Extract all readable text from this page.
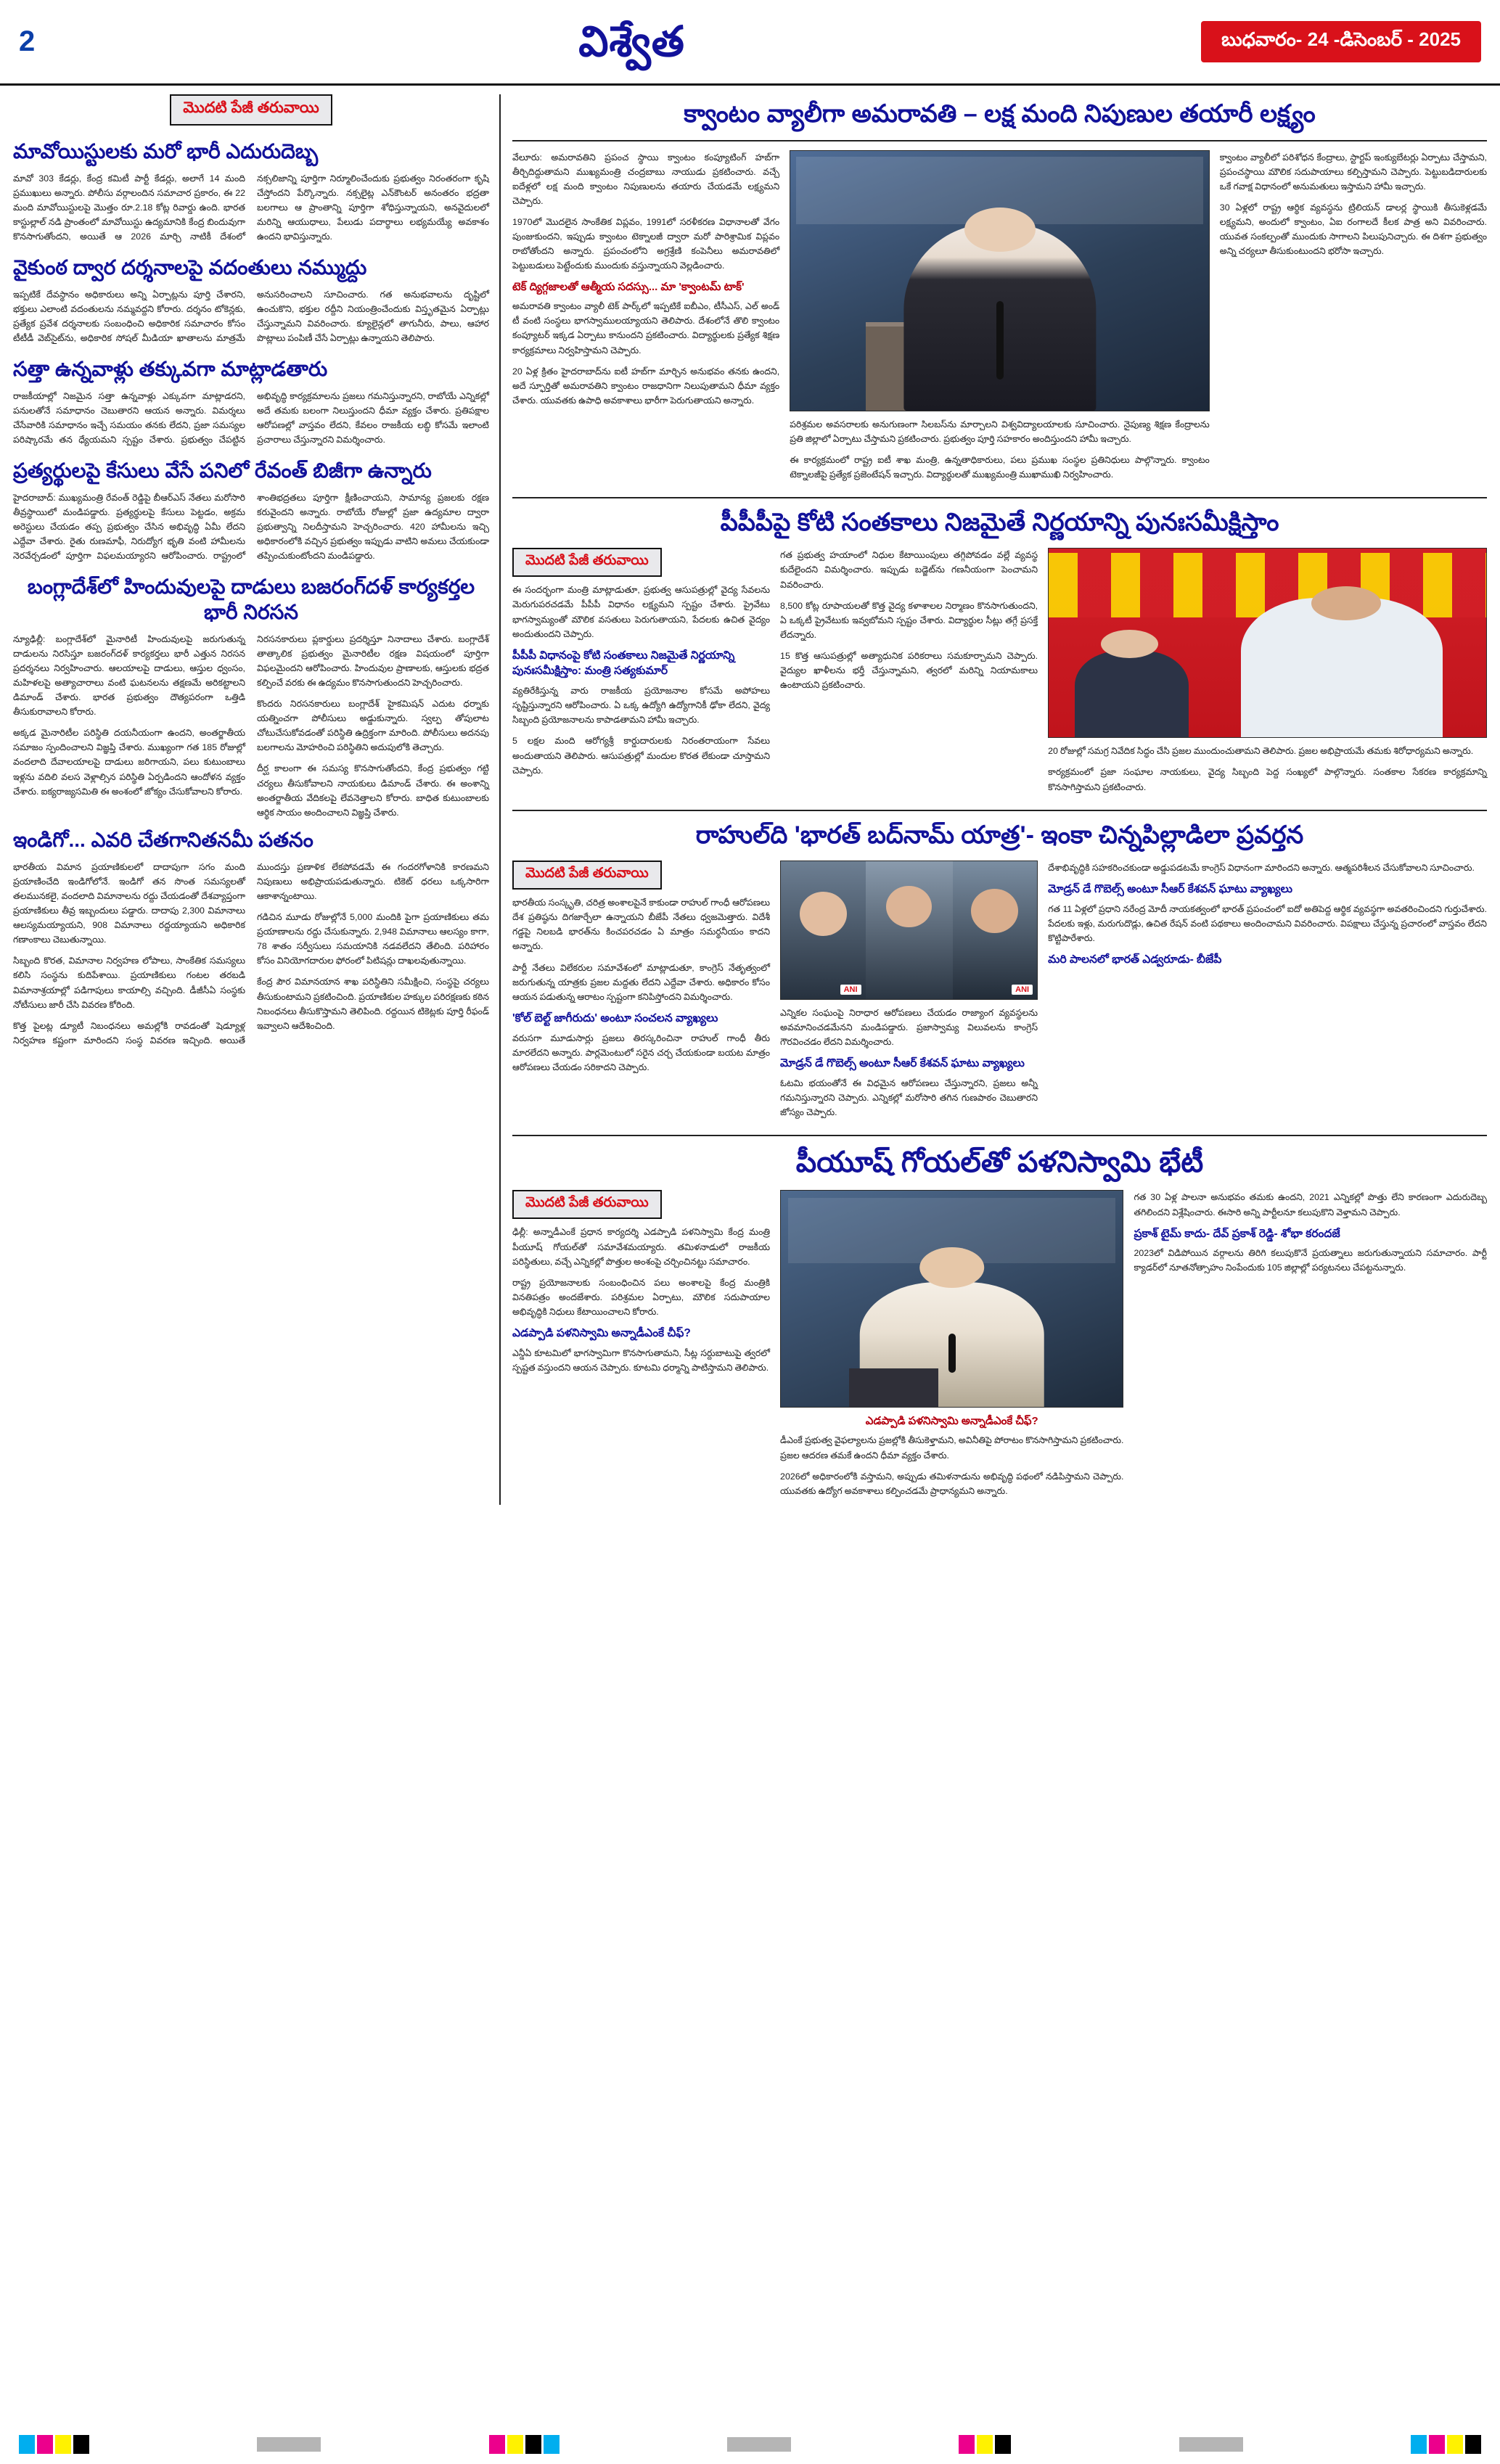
2	విశ్వేత	బుధవారం- 24 -డిసెంబర్ - 2025
మొదటి పేజీ తరువాయి
మావోయిస్టులకు మరో భారీ ఎదురుదెబ్బ

మావో 303 కేడర్లు, కేంద్ర కమిటీ పార్టీ కేడర్లు, అలాగే 14 మంది ప్రముఖులు అన్నారు. పోలీసు వర్గాలందిన సమాచార ప్రకారం, ఈ 22 మంది మావోయిస్టులపై మొత్తం రూ.2.18 కోట్ల రివార్డు ఉంది. భారత కాస్టుల్లాల్ నడి ప్రాంతంలో మావోయిస్టు ఉద్యమానికి కేంద్ర బిందువుగా కొనసాగుతోందని, అయితే ఆ 2026 మార్చి నాటికీ దేశంలో నక్సలిజాన్ని పూర్తిగా నిర్మూలించేందుకు ప్రభుత్వం నిరంతరంగా కృషి చేస్తోందని పేర్కొన్నారు. నక్సలైట్ల ఎన్‌కౌంటర్ అనంతరం భద్రతా బలగాలు ఆ ప్రాంతాన్ని పూర్తిగా శోధిస్తున్నాయని, అనవైదులలో మరిన్ని ఆయుధాలు, పేలుడు పదార్థాలు లభ్యమయ్యే అవకాశం ఉందని భావిస్తున్నారు.

వైకుంఠ ద్వార దర్శనాలపై వదంతులు నమ్ముద్దు

ఇప్పటికే దేవస్థానం అధికారులు అన్ని ఏర్పాట్లను పూర్తి చేశారని, భక్తులు ఎలాంటి వదంతులను నమ్మవద్దని కోరారు. దర్శనం టోకెన్లకు, ప్రత్యేక ప్రవేశ దర్శనాలకు సంబంధించి అధికారిక సమాచారం కోసం టీటీడీ వెబ్‌సైట్‌ను, అధికారిక సోషల్ మీడియా ఖాతాలను మాత్రమే అనుసరించాలని సూచించారు. గత అనుభవాలను దృష్టిలో ఉంచుకొని, భక్తుల రద్దీని నియంత్రించేందుకు విస్తృతమైన ఏర్పాట్లు చేస్తున్నామని వివరించారు. క్యూలైన్లలో తాగునీరు, పాలు, ఆహార పొట్లాలు పంపిణీ చేసే ఏర్పాట్లు ఉన్నాయని తెలిపారు.

సత్తా ఉన్నవాళ్లు తక్కువగా మాట్లాడతారు

రాజకీయాల్లో నిజమైన సత్తా ఉన్నవాళ్లు ఎక్కువగా మాట్లాడరని, పనులతోనే సమాధానం చెబుతారని ఆయన అన్నారు. విమర్శలు చేసేవారికి సమాధానం ఇచ్చే సమయం తనకు లేదని, ప్రజా సమస్యల పరిష్కారమే తన ధ్యేయమని స్పష్టం చేశారు. ప్రభుత్వం చేపట్టిన అభివృద్ధి కార్యక్రమాలను ప్రజలు గమనిస్తున్నారని, రాబోయే ఎన్నికల్లో అదే తమకు బలంగా నిలుస్తుందని ధీమా వ్యక్తం చేశారు. ప్రతిపక్షాల ఆరోపణల్లో వాస్తవం లేదని, కేవలం రాజకీయ లబ్ధి కోసమే ఇలాంటి ప్రచారాలు చేస్తున్నారని విమర్శించారు.

ప్రత్యర్థులపై కేసులు వేసే పనిలో రేవంత్ బిజీగా ఉన్నారు

హైదరాబాద్‌: ముఖ్యమంత్రి రేవంత్ రెడ్డిపై బీఆర్ఎస్ నేతలు మరోసారి తీవ్రస్థాయిలో మండిపడ్డారు. ప్రత్యర్థులపై కేసులు పెట్టడం, అక్రమ అరెస్టులు చేయడం తప్ప ప్రభుత్వం చేసిన అభివృద్ధి ఏమీ లేదని ఎద్దేవా చేశారు. రైతు రుణమాఫీ, నిరుద్యోగ భృతి వంటి హామీలను నెరవేర్చడంలో పూర్తిగా విఫలమయ్యారని ఆరోపించారు. రాష్ట్రంలో శాంతిభద్రతలు పూర్తిగా క్షీణించాయని, సామాన్య ప్రజలకు రక్షణ కరువైందని అన్నారు. రాబోయే రోజుల్లో ప్రజా ఉద్యమాల ద్వారా ప్రభుత్వాన్ని నిలదీస్తామని హెచ్చరించారు. 420 హామీలను ఇచ్చి అధికారంలోకి వచ్చిన ప్రభుత్వం ఇప్పుడు వాటిని అమలు చేయకుండా తప్పించుకుంటోందని మండిపడ్డారు.

బంగ్లాదేశ్‌లో హిందువులపై దాడులు బజరంగ్‌దళ్ కార్యకర్తల భారీ నిరసన

న్యూఢిల్లీ: బంగ్లాదేశ్‌లో మైనారిటీ హిందువులపై జరుగుతున్న దాడులను నిరసిస్తూ బజరంగ్‌దళ్ కార్యకర్తలు భారీ ఎత్తున నిరసన ప్రదర్శనలు నిర్వహించారు. ఆలయాలపై దాడులు, ఆస్తుల ధ్వంసం, మహిళలపై అత్యాచారాలు వంటి ఘటనలను తక్షణమే అరికట్టాలని డిమాండ్ చేశారు. భారత ప్రభుత్వం దౌత్యపరంగా ఒత్తిడి తీసుకురావాలని కోరారు.

అక్కడ మైనారిటీల పరిస్థితి దయనీయంగా ఉందని, అంతర్జాతీయ సమాజం స్పందించాలని విజ్ఞప్తి చేశారు. ముఖ్యంగా గత 185 రోజుల్లో వందలాది దేవాలయాలపై దాడులు జరిగాయని, పలు కుటుంబాలు ఇళ్లను వదిలి వలస వెళ్లాల్సిన పరిస్థితి ఏర్పడిందని ఆందోళన వ్యక్తం చేశారు. ఐక్యరాజ్యసమితి ఈ అంశంలో జోక్యం చేసుకోవాలని కోరారు.

నిరసనకారులు ప్లకార్డులు ప్రదర్శిస్తూ నినాదాలు చేశారు. బంగ్లాదేశ్ తాత్కాలిక ప్రభుత్వం మైనారిటీల రక్షణ విషయంలో పూర్తిగా విఫలమైందని ఆరోపించారు. హిందువుల ప్రాణాలకు, ఆస్తులకు భద్రత కల్పించే వరకు ఈ ఉద్యమం కొనసాగుతుందని హెచ్చరించారు.

కొందరు నిరసనకారులు బంగ్లాదేశ్ హైకమిషన్ ఎదుట ధర్నాకు యత్నించగా పోలీసులు అడ్డుకున్నారు. స్వల్ప తోపులాట చోటుచేసుకోవడంతో పరిస్థితి ఉద్రిక్తంగా మారింది. పోలీసులు అదనపు బలగాలను మోహరించి పరిస్థితిని అదుపులోకి తెచ్చారు.

దీర్ఘ కాలంగా ఈ సమస్య కొనసాగుతోందని, కేంద్ర ప్రభుత్వం గట్టి చర్యలు తీసుకోవాలని నాయకులు డిమాండ్ చేశారు. ఈ అంశాన్ని అంతర్జాతీయ వేదికలపై లేవనెత్తాలని కోరారు. బాధిత కుటుంబాలకు ఆర్థిక సాయం అందించాలని విజ్ఞప్తి చేశారు.

ఇండిగో... ఎవరి చేతగానితనమీ పతనం

భారతీయ విమాన ప్రయాణికులలో దాదాపుగా సగం మంది ప్రయాణించేది ఇండిగోలోనే. ఇండిగో తన సొంత సమస్యలతో తలమునకలై, వందలాది విమానాలను రద్దు చేయడంతో దేశవ్యాప్తంగా ప్రయాణికులు తీవ్ర ఇబ్బందులు పడ్డారు. దాదాపు 2,300 విమానాలు ఆలస్యమయ్యాయని, 908 విమానాలు రద్దయ్యాయని అధికారిక గణాంకాలు చెబుతున్నాయి.

సిబ్బంది కొరత, విమానాల నిర్వహణ లోపాలు, సాంకేతిక సమస్యలు కలిసి సంస్థను కుదిపేశాయి. ప్రయాణికులు గంటల తరబడి విమానాశ్రయాల్లో పడిగాపులు కాయాల్సి వచ్చింది. డీజీసీఏ సంస్థకు నోటీసులు జారీ చేసి వివరణ కోరింది.

కొత్త పైలట్ల డ్యూటీ నిబంధనలు అమల్లోకి రావడంతో షెడ్యూళ్ల నిర్వహణ కష్టంగా మారిందని సంస్థ వివరణ ఇచ్చింది. అయితే ముందస్తు ప్రణాళిక లేకపోవడమే ఈ గందరగోళానికి కారణమని నిపుణులు అభిప్రాయపడుతున్నారు. టికెట్ ధరలు ఒక్కసారిగా ఆకాశాన్నంటాయి.

గడిచిన మూడు రోజుల్లోనే 5,000 మందికి పైగా ప్రయాణికులు తమ ప్రయాణాలను రద్దు చేసుకున్నారు. 2,948 విమానాలు ఆలస్యం కాగా, 78 శాతం సర్వీసులు సమయానికి నడవలేదని తేలింది. పరిహారం కోసం వినియోగదారుల ఫోరంలో పిటిషన్లు దాఖలవుతున్నాయి.

కేంద్ర పౌర విమానయాన శాఖ పరిస్థితిని సమీక్షించి, సంస్థపై చర్యలు తీసుకుంటామని ప్రకటించింది. ప్రయాణికుల హక్కుల పరిరక్షణకు కఠిన నిబంధనలు తీసుకొస్తామని తెలిపింది. రద్దయిన టికెట్లకు పూర్తి రీఫండ్ ఇవ్వాలని ఆదేశించింది.

క్వాంటం వ్యాలీగా అమరావతి – లక్ష మంది నిపుణుల తయారీ లక్ష్యం

వేలూరు: అమరావతిని ప్రపంచ స్థాయి క్వాంటం కంప్యూటింగ్ హబ్‌గా తీర్చిదిద్దుతామని ముఖ్యమంత్రి చంద్రబాబు నాయుడు ప్రకటించారు. వచ్చే ఐదేళ్లలో లక్ష మంది క్వాంటం నిపుణులను తయారు చేయడమే లక్ష్యమని చెప్పారు.

1970లో మొదలైన సాంకేతిక విప్లవం, 1991లో సరళీకరణ విధానాలతో వేగం పుంజుకుందని, ఇప్పుడు క్వాంటం టెక్నాలజీ ద్వారా మరో పారిశ్రామిక విప్లవం రాబోతోందని అన్నారు. ప్రపంచంలోని అగ్రశ్రేణి కంపెనీలు అమరావతిలో పెట్టుబడులు పెట్టేందుకు ముందుకు వస్తున్నాయని వెల్లడించారు.

టెక్ ద్యిగ్గజాలతో ఆత్మీయ సదస్సు... మా 'క్వాంటమ్ టాక్'

అమరావతి క్వాంటం వ్యాలీ టెక్ పార్క్‌లో ఇప్పటికే ఐబీఎం, టీసీఎస్, ఎల్ అండ్ టీ వంటి సంస్థలు భాగస్వాములయ్యాయని తెలిపారు. దేశంలోనే తొలి క్వాంటం కంప్యూటర్ ఇక్కడ ఏర్పాటు కానుందని ప్రకటించారు. విద్యార్థులకు ప్రత్యేక శిక్షణ కార్యక్రమాలు నిర్వహిస్తామని చెప్పారు.

20 ఏళ్ల క్రితం హైదరాబాద్‌ను ఐటీ హబ్‌గా మార్చిన అనుభవం తనకు ఉందని, అదే స్ఫూర్తితో అమరావతిని క్వాంటం రాజధానిగా నిలుపుతామని ధీమా వ్యక్తం చేశారు. యువతకు ఉపాధి అవకాశాలు భారీగా పెరుగుతాయని అన్నారు.

పరిశ్రమల అవసరాలకు అనుగుణంగా సిలబస్‌ను మార్చాలని విశ్వవిద్యాలయాలకు సూచించారు. నైపుణ్య శిక్షణ కేంద్రాలను ప్రతి జిల్లాలో ఏర్పాటు చేస్తామని ప్రకటించారు. ప్రభుత్వం పూర్తి సహకారం అందిస్తుందని హామీ ఇచ్చారు.

ఈ కార్యక్రమంలో రాష్ట్ర ఐటీ శాఖ మంత్రి, ఉన్నతాధికారులు, పలు ప్రముఖ సంస్థల ప్రతినిధులు పాల్గొన్నారు. క్వాంటం టెక్నాలజీపై ప్రత్యేక ప్రజెంటేషన్ ఇచ్చారు. విద్యార్థులతో ముఖ్యమంత్రి ముఖాముఖి నిర్వహించారు.

క్వాంటం వ్యాలీలో పరిశోధన కేంద్రాలు, స్టార్టప్ ఇంక్యుబేటర్లు ఏర్పాటు చేస్తామని, ప్రపంచస్థాయి మౌలిక సదుపాయాలు కల్పిస్తామని చెప్పారు. పెట్టుబడిదారులకు ఒకే గవాక్ష విధానంలో అనుమతులు ఇస్తామని హామీ ఇచ్చారు.

30 ఏళ్లలో రాష్ట్ర ఆర్థిక వ్యవస్థను ట్రిలియన్ డాలర్ల స్థాయికి తీసుకెళ్లడమే లక్ష్యమని, అందులో క్వాంటం, ఏఐ రంగాలదే కీలక పాత్ర అని వివరించారు. యువత సంకల్పంతో ముందుకు సాగాలని పిలుపునిచ్చారు. ఈ దిశగా ప్రభుత్వం అన్ని చర్యలూ తీసుకుంటుందని భరోసా ఇచ్చారు.

పీపీపీపై కోటి సంతకాలు నిజమైతే నిర్ణయాన్ని పునఃసమీక్షిస్తాం
మొదటి పేజీ తరువాయి

ఈ సందర్భంగా మంత్రి మాట్లాడుతూ, ప్రభుత్వ ఆసుపత్రుల్లో వైద్య సేవలను మెరుగుపరచడమే పీపీపీ విధానం లక్ష్యమని స్పష్టం చేశారు. ప్రైవేటు భాగస్వామ్యంతో మౌలిక వసతులు పెరుగుతాయని, పేదలకు ఉచిత వైద్యం అందుతుందని చెప్పారు.

పీపీపీ విధానంపై కోటి సంతకాలు నిజమైతే నిర్ణయాన్ని పునఃసమీక్షిస్తాం: మంత్రి సత్యకుమార్

వ్యతిరేకిస్తున్న వారు రాజకీయ ప్రయోజనాల కోసమే అపోహలు సృష్టిస్తున్నారని ఆరోపించారు. ఏ ఒక్క ఉద్యోగి ఉద్యోగానికీ ఢోకా లేదని, వైద్య సిబ్బంది ప్రయోజనాలను కాపాడతామని హామీ ఇచ్చారు.

5 లక్షల మంది ఆరోగ్యశ్రీ కార్డుదారులకు నిరంతరాయంగా సేవలు అందుతాయని తెలిపారు. ఆసుపత్రుల్లో మందుల కొరత లేకుండా చూస్తామని చెప్పారు.

గత ప్రభుత్వ హయాంలో నిధుల కేటాయింపులు తగ్గిపోవడం వల్లే వ్యవస్థ కుదేలైందని విమర్శించారు. ఇప్పుడు బడ్జెట్‌ను గణనీయంగా పెంచామని వివరించారు.

8,500 కోట్ల రూపాయలతో కొత్త వైద్య కళాశాలల నిర్మాణం కొనసాగుతుందని, ఏ ఒక్కటీ ప్రైవేటుకు ఇవ్వబోమని స్పష్టం చేశారు. విద్యార్థుల సీట్లు తగ్గే ప్రసక్తే లేదన్నారు.

15 కొత్త ఆసుపత్రుల్లో అత్యాధునిక పరికరాలు సమకూర్చామని చెప్పారు. వైద్యుల ఖాళీలను భర్తీ చేస్తున్నామని, త్వరలో మరిన్ని నియామకాలు ఉంటాయని ప్రకటించారు.

20 రోజుల్లో సమగ్ర నివేదిక సిద్ధం చేసి ప్రజల ముందుంచుతామని తెలిపారు. ప్రజల అభిప్రాయమే తమకు శిరోధార్యమని అన్నారు.

కార్యక్రమంలో ప్రజా సంఘాల నాయకులు, వైద్య సిబ్బంది పెద్ద సంఖ్యలో పాల్గొన్నారు. సంతకాల సేకరణ కార్యక్రమాన్ని కొనసాగిస్తామని ప్రకటించారు.

రాహుల్‌ది 'భారత్ బద్‌నామ్ యాత్ర'- ఇంకా చిన్నపిల్లాడిలా ప్రవర్తన
మొదటి పేజీ తరువాయి

భారతీయ సంస్కృతి, చరిత్ర అంశాలపైనే కాకుండా రాహుల్ గాంధీ ఆరోపణలు దేశ ప్రతిష్ఠను దిగజార్చేలా ఉన్నాయని బీజేపీ నేతలు ధ్వజమెత్తారు. విదేశీ గడ్డపై నిలబడి భారత్‌ను కించపరచడం ఏ మాత్రం సమర్థనీయం కాదని అన్నారు.

పార్టీ నేతలు విలేకరుల సమావేశంలో మాట్లాడుతూ, కాంగ్రెస్ నేతృత్వంలో జరుగుతున్న యాత్రకు ప్రజల మద్దతు లేదని ఎద్దేవా చేశారు. అధికారం కోసం ఆయన పడుతున్న ఆరాటం స్పష్టంగా కనిపిస్తోందని విమర్శించారు.

'కోల్ బెల్ట్ జాగీరుదు' అంటూ సంచలన వ్యాఖ్యలు

వరుసగా మూడుసార్లు ప్రజలు తిరస్కరించినా రాహుల్ గాంధీ తీరు మారలేదని అన్నారు. పార్లమెంటులో సరైన చర్చ చేయకుండా బయట మాత్రం ఆరోపణలు చేయడం సరికాదని చెప్పారు.

ANI	ANI

ఎన్నికల సంఘంపై నిరాధార ఆరోపణలు చేయడం రాజ్యాంగ వ్యవస్థలను అవమానించడమేనని మండిపడ్డారు. ప్రజాస్వామ్య విలువలను కాంగ్రెస్ గౌరవించడం లేదని విమర్శించారు.

మోడ్రన్ డే గొబెల్స్ అంటూ సీఆర్ కేశవన్ ఘాటు వ్యాఖ్యలు

ఓటమి భయంతోనే ఈ విధమైన ఆరోపణలు చేస్తున్నారని, ప్రజలు అన్నీ గమనిస్తున్నారని చెప్పారు. ఎన్నికల్లో మరోసారి తగిన గుణపాఠం చెబుతారని జోస్యం చెప్పారు.

దేశాభివృద్ధికి సహకరించకుండా అడ్డుపడటమే కాంగ్రెస్ విధానంగా మారిందని అన్నారు. ఆత్మపరిశీలన చేసుకోవాలని సూచించారు.

మోడ్రన్ డే గొబెల్స్ అంటూ సీఆర్ కేశవన్ ఘాటు వ్యాఖ్యలు

గత 11 ఏళ్లలో ప్రధాని నరేంద్ర మోదీ నాయకత్వంలో భారత్ ప్రపంచంలో ఐదో అతిపెద్ద ఆర్థిక వ్యవస్థగా అవతరించిందని గుర్తుచేశారు. పేదలకు ఇళ్లు, మరుగుదొడ్లు, ఉచిత రేషన్ వంటి పథకాలు అందించామని వివరించారు. విపక్షాలు చేస్తున్న ప్రచారంలో వాస్తవం లేదని కొట్టిపారేశారు.

మరి పాలనలో భారత్ ఎడ్వరూడు- బీజేపీ
పీయూష్ గోయల్‌తో పళనిస్వామి భేటీ
మొదటి పేజీ తరువాయి

ఢిల్లీ: అన్నాడీఎంకే ప్రధాన కార్యదర్శి ఎడప్పాడి పళనిస్వామి కేంద్ర మంత్రి పీయూష్ గోయల్‌తో సమావేశమయ్యారు. తమిళనాడులో రాజకీయ పరిస్థితులు, వచ్చే ఎన్నికల్లో పొత్తుల అంశంపై చర్చించినట్టు సమాచారం.

రాష్ట్ర ప్రయోజనాలకు సంబంధించిన పలు అంశాలపై కేంద్ర మంత్రికి వినతిపత్రం అందజేశారు. పరిశ్రమల ఏర్పాటు, మౌలిక సదుపాయాల అభివృద్ధికి నిధులు కేటాయించాలని కోరారు.

ఎడప్పాడి పళనిస్వామి అన్నాడీఎంకే చీఫ్?

ఎన్డీఏ కూటమిలో భాగస్వామిగా కొనసాగుతామని, సీట్ల సర్దుబాటుపై త్వరలో స్పష్టత వస్తుందని ఆయన చెప్పారు. కూటమి ధర్మాన్ని పాటిస్తామని తెలిపారు.

ఎడప్పాడి పళనిస్వామి అన్నాడీఎంకే చీఫ్?

డీఎంకే ప్రభుత్వ వైఫల్యాలను ప్రజల్లోకి తీసుకెళ్తామని, అవినీతిపై పోరాటం కొనసాగిస్తామని ప్రకటించారు. ప్రజల ఆదరణ తమకే ఉందని ధీమా వ్యక్తం చేశారు.

2026లో అధికారంలోకి వస్తామని, అప్పుడు తమిళనాడును అభివృద్ధి పథంలో నడిపిస్తామని చెప్పారు. యువతకు ఉద్యోగ అవకాశాలు కల్పించడమే ప్రాధాన్యమని అన్నారు.

గత 30 ఏళ్ల పాలనా అనుభవం తమకు ఉందని, 2021 ఎన్నికల్లో పొత్తు లేని కారణంగా ఎదురుదెబ్బ తగిలిందని విశ్లేషించారు. ఈసారి అన్ని పార్టీలనూ కలుపుకొని వెళ్తామని చెప్పారు.

ప్రకాశ్ టైమ్ కాదు- దేవ్ ప్రకాశ్ రెడ్డి- శోభా కరందజే

2023లో విడిపోయిన వర్గాలను తిరిగి కలుపుకొనే ప్రయత్నాలు జరుగుతున్నాయని సమాచారం. పార్టీ క్యాడర్‌లో నూతనోత్సాహం నింపేందుకు 105 జిల్లాల్లో పర్యటనలు చేపట్టనున్నారు.
